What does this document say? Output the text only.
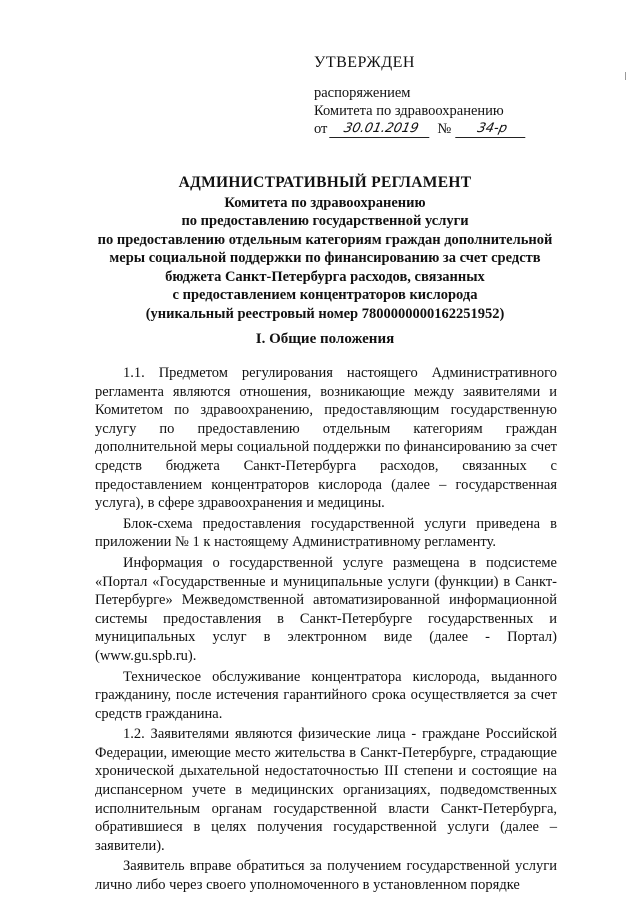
УТВЕРЖДЕН
распоряжением
Комитета по здравоохранению
от	30.01.2019	№	34-р
АДМИНИСТРАТИВНЫЙ РЕГЛАМЕНТ
Комитета по здравоохранению
по предоставлению государственной услуги
по предоставлению отдельным категориям граждан дополнительной
меры социальной поддержки по финансированию за счет средств
бюджета Санкт-Петербурга расходов, связанных
с предоставлением концентраторов кислорода
(уникальный реестровый номер 7800000000162251952)
I. Общие положения

1.1. Предметом регулирования настоящего Административного регламента являются отношения, возникающие между заявителями и Комитетом по здравоохранению, предоставляющим государственную услугу по предоставлению отдельным категориям граждан дополнительной меры социальной поддержки по финансированию за счет средств бюджета Санкт-Петербурга расходов, связанных с предоставлением концентраторов кислорода (далее – государственная услуга), в сфере здравоохранения и медицины.

Блок-схема предоставления государственной услуги приведена в приложении № 1 к настоящему Административному регламенту.

Информация о государственной услуге размещена в подсистеме «Портал «Государственные и муниципальные услуги (функции) в Санкт-Петербурге» Межведомственной автоматизированной информационной системы предоставления в Санкт-Петербурге государственных и муниципальных услуг в электронном виде (далее - Портал) (www.gu.spb.ru).

Техническое обслуживание концентратора кислорода, выданного гражданину, после истечения гарантийного срока осуществляется за счет средств гражданина.

1.2. Заявителями являются физические лица - граждане Российской Федерации, имеющие место жительства в Санкт-Петербурге, страдающие хронической дыхательной недостаточностью III степени и состоящие на диспансерном учете в медицинских организациях, подведомственных исполнительным органам государственной власти Санкт-Петербурга, обратившиеся в целях получения государственной услуги (далее – заявители).

Заявитель вправе обратиться за получением государственной услуги лично либо через своего уполномоченного в установленном порядке
